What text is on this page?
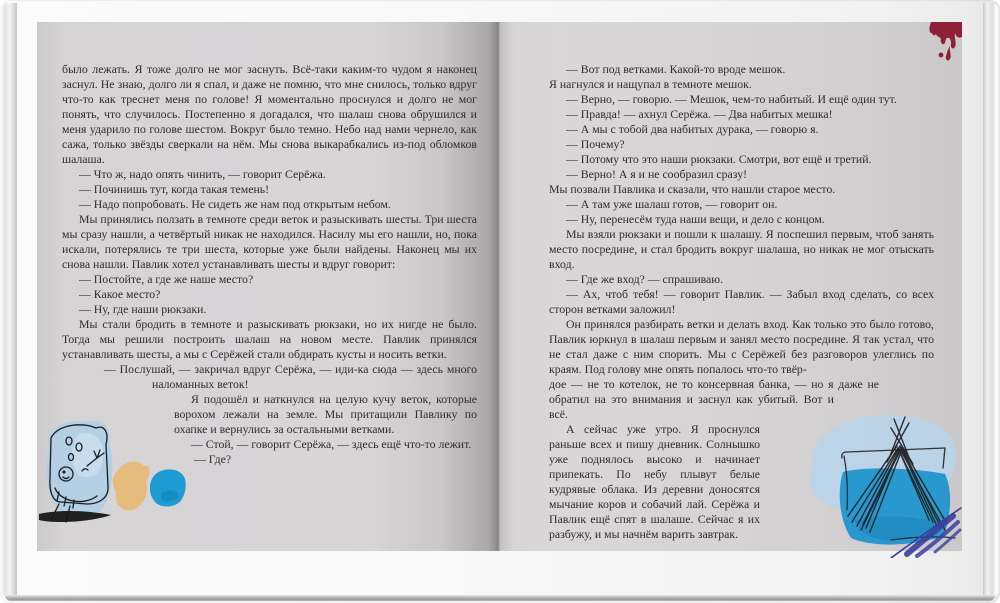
было лежать. Я тоже долго не мог заснуть. Всё-таки каким-то чудом я наконец заснул. Не знаю, долго ли я спал, и даже не помню, что мне снилось, только вдруг что-то как треснет меня по голове! Я моментально проснулся и долго не мог понять, что случилось. Постепенно я догадался, что шалаш снова обрушился и меня ударило по голове шестом. Вокруг было темно. Небо над нами чернело, как сажа, только звёзды сверкали на нём. Мы снова выкарабкались из-под обломков шалаша.

— Что ж, надо опять чинить, — говорит Серёжа.

— Починишь тут, когда такая темень!

— Надо попробовать. Не сидеть же нам под открытым небом.

Мы принялись ползать в темноте среди веток и разыскивать шесты. Три шеста мы сразу нашли, а четвёртый никак не находился. Насилу мы его нашли, но, пока искали, потерялись те три шеста, которые уже были найдены. Наконец мы их снова нашли. Павлик хотел устанавливать шесты и вдруг говорит:

— Постойте, а где же наше место?

— Какое место?

— Ну, где наши рюкзаки.

Мы стали бродить в темноте и разыскивать рюкзаки, но их нигде не было. Тогда мы решили построить шалаш на новом месте. Павлик принялся устанавливать шесты, а мы с Серёжей стали обдирать кусты и носить ветки.

— Послушай, — закричал вдруг Серёжа, — иди-ка сюда — здесь много наломанных веток!

Я подошёл и наткнулся на целую кучу веток, которые ворохом лежали на земле. Мы притащили Павлику по охапке и вернулись за остальными ветками.

— Стой, — говорит Серёжа, — здесь ещё что-то лежит.

— Где?

— Вот под ветками. Какой-то вроде мешок.

Я нагнулся и нащупал в темноте мешок.

— Верно, — говорю. — Мешок, чем-то набитый. И ещё один тут.

— Правда! — ахнул Серёжа. — Два набитых мешка!

— А мы с тобой два набитых дурака, — говорю я.

— Почему?

— Потому что это наши рюкзаки. Смотри, вот ещё и третий.

— Верно! А я и не сообразил сразу!

Мы позвали Павлика и сказали, что нашли старое место.

— А там уже шалаш готов, — говорит он.

— Ну, перенесём туда наши вещи, и дело с концом.

Мы взяли рюкзаки и пошли к шалашу. Я поспешил первым, чтоб занять место посредине, и стал бродить вокруг шалаша, но никак не мог отыскать вход.

— Где же вход? — спрашиваю.

— Ах, чтоб тебя! — говорит Павлик. — Забыл вход сделать, со всех сторон ветками заложил!

Он принялся разбирать ветки и делать вход. Как только это было готово, Павлик юркнул в шалаш первым и занял место посредине. Я так устал, что не стал даже с ним спорить. Мы с Серёжей без разговоров улеглись по краям. Под голову мне опять попалось что-то твёр-

дое — не то котелок, не то консервная банка, — но я даже не обратил на это внимания и заснул как убитый. Вот и всё.

А сейчас уже утро. Я проснулся раньше всех и пишу дневник. Солнышко уже поднялось высоко и начинает припекать. По небу плывут белые кудрявые облака. Из деревни доносятся мычание коров и собачий лай. Серёжа и Павлик ещё спят в шалаше. Сейчас я их разбужу, и мы начнём варить завтрак.
